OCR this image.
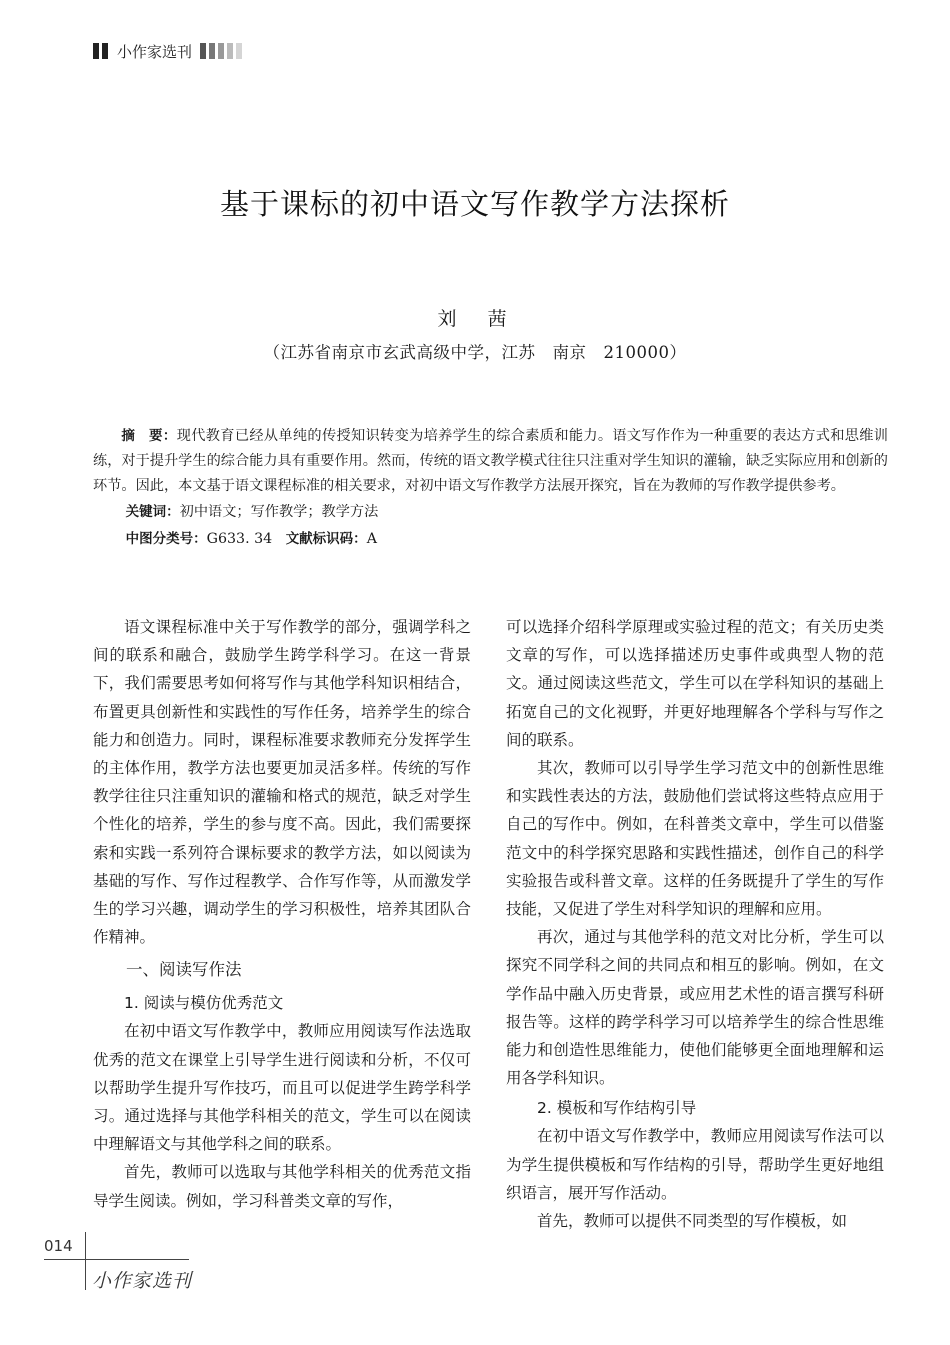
小作家选刊
基于课标的初中语文写作教学方法探析
刘　茜
（江苏省南京市玄武高级中学，江苏　南京　210000）

摘　要：现代教育已经从单纯的传授知识转变为培养学生的综合素质和能力。语文写作作为一种重要的表达方式和思维训练，对于提升学生的综合能力具有重要作用。然而，传统的语文教学模式往往只注重对学生知识的灌输，缺乏实际应用和创新的环节。因此，本文基于语文课程标准的相关要求，对初中语文写作教学方法展开探究，旨在为教师的写作教学提供参考。

关键词：初中语文；写作教学；教学方法

中图分类号：G633. 34 文献标识码：A

语文课程标准中关于写作教学的部分，强调学科之间的联系和融合，鼓励学生跨学科学习。在这一背景下，我们需要思考如何将写作与其他学科知识相结合，布置更具创新性和实践性的写作任务，培养学生的综合能力和创造力。同时，课程标准要求教师充分发挥学生的主体作用，教学方法也要更加灵活多样。传统的写作教学往往只注重知识的灌输和格式的规范，缺乏对学生个性化的培养，学生的参与度不高。因此，我们需要探索和实践一系列符合课标要求的教学方法，如以阅读为基础的写作、写作过程教学、合作写作等，从而激发学生的学习兴趣，调动学生的学习积极性，培养其团队合作精神。

一、阅读写作法
1. 阅读与模仿优秀范文

在初中语文写作教学中，教师应用阅读写作法选取优秀的范文在课堂上引导学生进行阅读和分析，不仅可以帮助学生提升写作技巧，而且可以促进学生跨学科学习。通过选择与其他学科相关的范文，学生可以在阅读中理解语文与其他学科之间的联系。

首先，教师可以选取与其他学科相关的优秀范文指导学生阅读。例如，学习科普类文章的写作，

可以选择介绍科学原理或实验过程的范文；有关历史类文章的写作，可以选择描述历史事件或典型人物的范文。通过阅读这些范文，学生可以在学科知识的基础上拓宽自己的文化视野，并更好地理解各个学科与写作之间的联系。

其次，教师可以引导学生学习范文中的创新性思维和实践性表达的方法，鼓励他们尝试将这些特点应用于自己的写作中。例如，在科普类文章中，学生可以借鉴范文中的科学探究思路和实践性描述，创作自己的科学实验报告或科普文章。这样的任务既提升了学生的写作技能，又促进了学生对科学知识的理解和应用。

再次，通过与其他学科的范文对比分析，学生可以探究不同学科之间的共同点和相互的影响。例如，在文学作品中融入历史背景，或应用艺术性的语言撰写科研报告等。这样的跨学科学习可以培养学生的综合性思维能力和创造性思维能力，使他们能够更全面地理解和运用各学科知识。

2. 模板和写作结构引导

在初中语文写作教学中，教师应用阅读写作法可以为学生提供模板和写作结构的引导，帮助学生更好地组织语言，展开写作活动。

首先，教师可以提供不同类型的写作模板，如

014
小作家选刊
